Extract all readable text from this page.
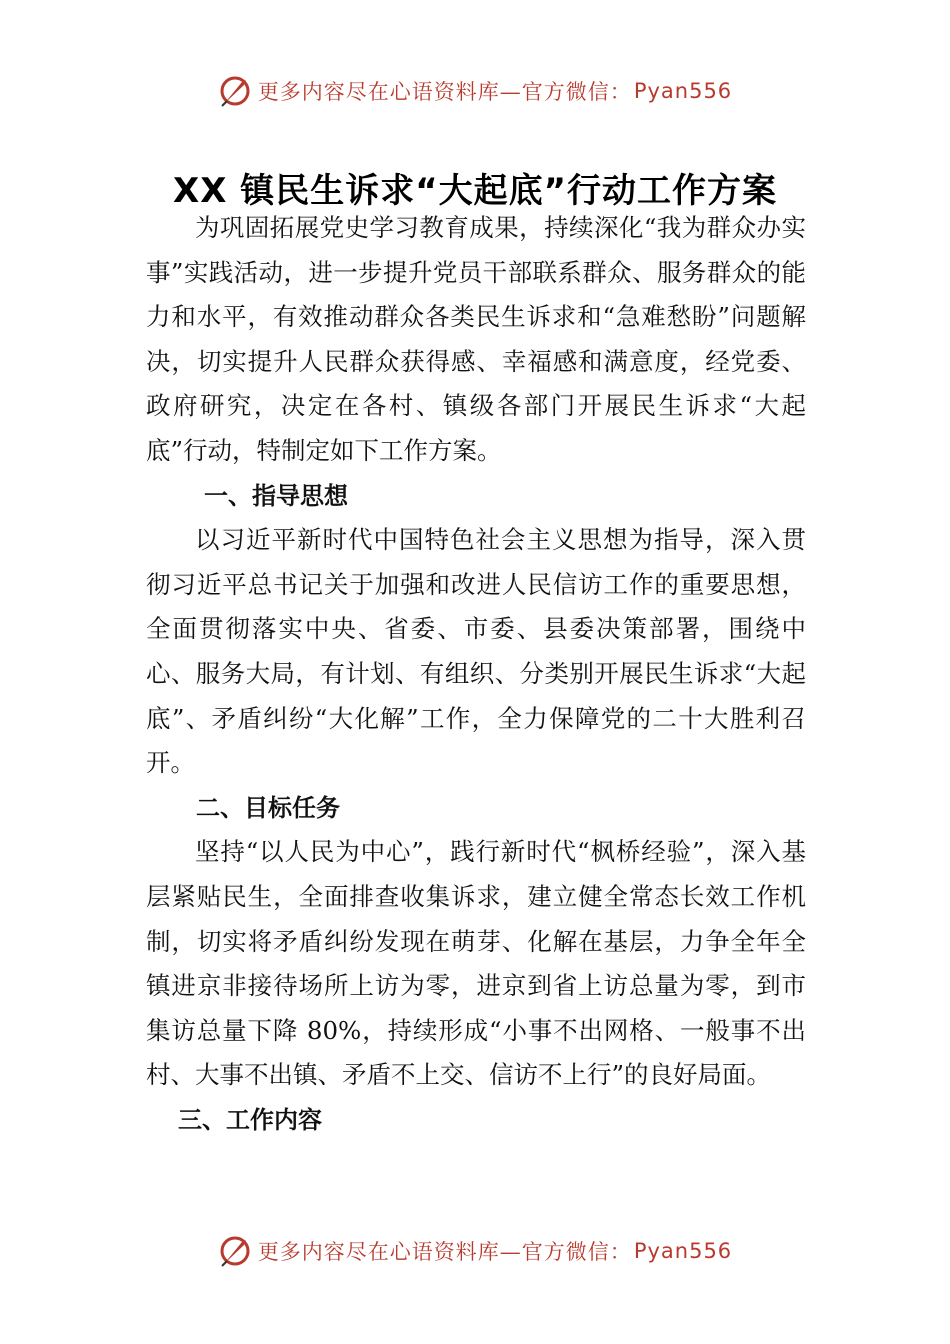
更多内容尽在心语资料库—官方微信： Pyan556
XX 镇民生诉求“大起底”行动工作方案

为巩固拓展党史学习教育成果，持续深化“我为群众办实事”实践活动，进一步提升党员干部联系群众、服务群众的能力和水平，有效推动群众各类民生诉求和“急难愁盼”问题解决，切实提升人民群众获得感、幸福感和满意度，经党委、政府研究，决定在各村、镇级各部门开展民生诉求“大起底”行动，特制定如下工作方案。

一、指导思想

以习近平新时代中国特色社会主义思想为指导，深入贯彻习近平总书记关于加强和改进人民信访工作的重要思想，全面贯彻落实中央、省委、市委、县委决策部署，围绕中心、服务大局，有计划、有组织、分类别开展民生诉求“大起底”、矛盾纠纷“大化解”工作，全力保障党的二十大胜利召开。

二、目标任务

坚持“以人民为中心”，践行新时代“枫桥经验”，深入基层紧贴民生，全面排查收集诉求，建立健全常态长效工作机制，切实将矛盾纠纷发现在萌芽、化解在基层，力争全年全镇进京非接待场所上访为零，进京到省上访总量为零，到市集访总量下降 80%，持续形成“小事不出网格、一般事不出村、大事不出镇、矛盾不上交、信访不上行”的良好局面。

三、工作内容
更多内容尽在心语资料库—官方微信： Pyan556
